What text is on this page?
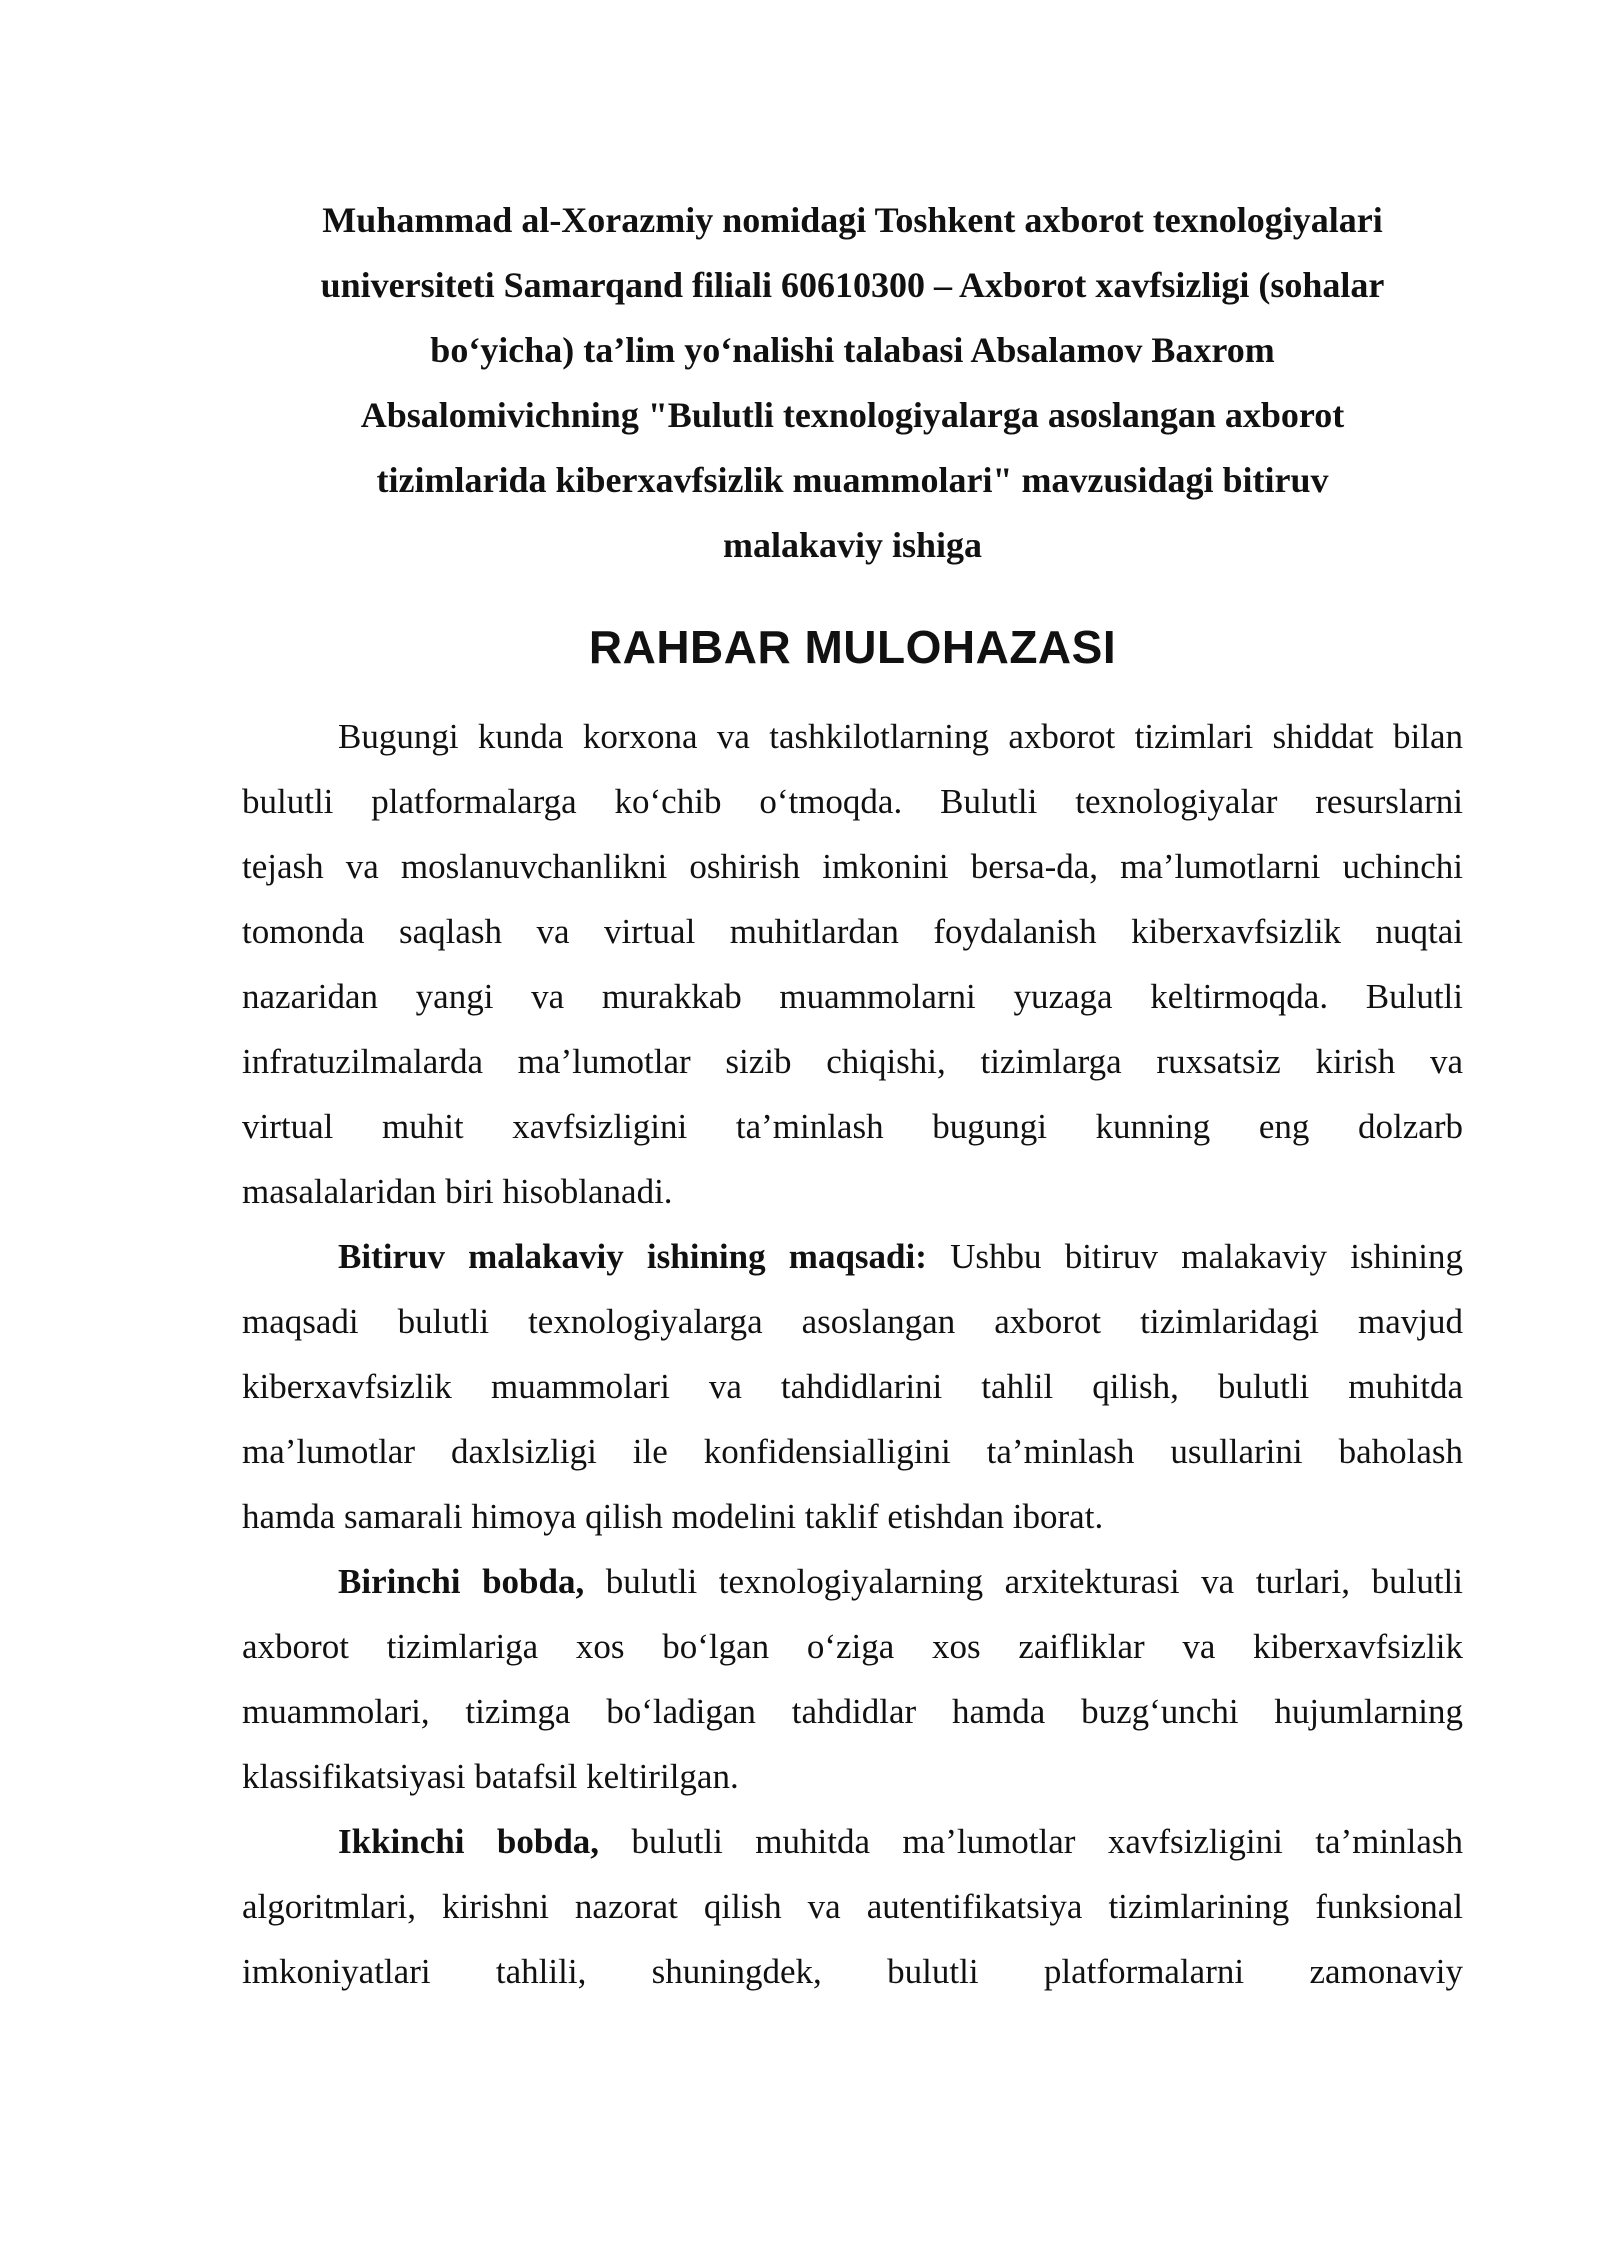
Muhammad al-Xorazmiy nomidagi Toshkent axborot texnologiyalari
universiteti Samarqand filiali 60610300 – Axborot xavfsizligi (sohalar
bo‘yicha) ta’lim yo‘nalishi talabasi Absalamov Baxrom
Absalomivichning "Bulutli texnologiyalarga asoslangan axborot
tizimlarida kiberxavfsizlik muammolari" mavzusidagi bitiruv
malakaviy ishiga
RAHBAR MULOHAZASI
Bugungi kunda korxona va tashkilotlarning axborot tizimlari shiddat bilan
bulutli platformalarga ko‘chib o‘tmoqda. Bulutli texnologiyalar resurslarni
tejash va moslanuvchanlikni oshirish imkonini bersa-da, ma’lumotlarni uchinchi
tomonda saqlash va virtual muhitlardan foydalanish kiberxavfsizlik nuqtai
nazaridan yangi va murakkab muammolarni yuzaga keltirmoqda. Bulutli
infratuzilmalarda ma’lumotlar sizib chiqishi, tizimlarga ruxsatsiz kirish va
virtual muhit xavfsizligini ta’minlash bugungi kunning eng dolzarb
masalalaridan biri hisoblanadi.
Bitiruv malakaviy ishining maqsadi: Ushbu bitiruv malakaviy ishining
maqsadi bulutli texnologiyalarga asoslangan axborot tizimlaridagi mavjud
kiberxavfsizlik muammolari va tahdidlarini tahlil qilish, bulutli muhitda
ma’lumotlar daxlsizligi ile konfidensialligini ta’minlash usullarini baholash
hamda samarali himoya qilish modelini taklif etishdan iborat.
Birinchi bobda, bulutli texnologiyalarning arxitekturasi va turlari, bulutli
axborot tizimlariga xos bo‘lgan o‘ziga xos zaifliklar va kiberxavfsizlik
muammolari, tizimga bo‘ladigan tahdidlar hamda buzg‘unchi hujumlarning
klassifikatsiyasi batafsil keltirilgan.
Ikkinchi bobda, bulutli muhitda ma’lumotlar xavfsizligini ta’minlash
algoritmlari, kirishni nazorat qilish va autentifikatsiya tizimlarining funksional
imkoniyatlari tahlili, shuningdek, bulutli platformalarni zamonaviy
